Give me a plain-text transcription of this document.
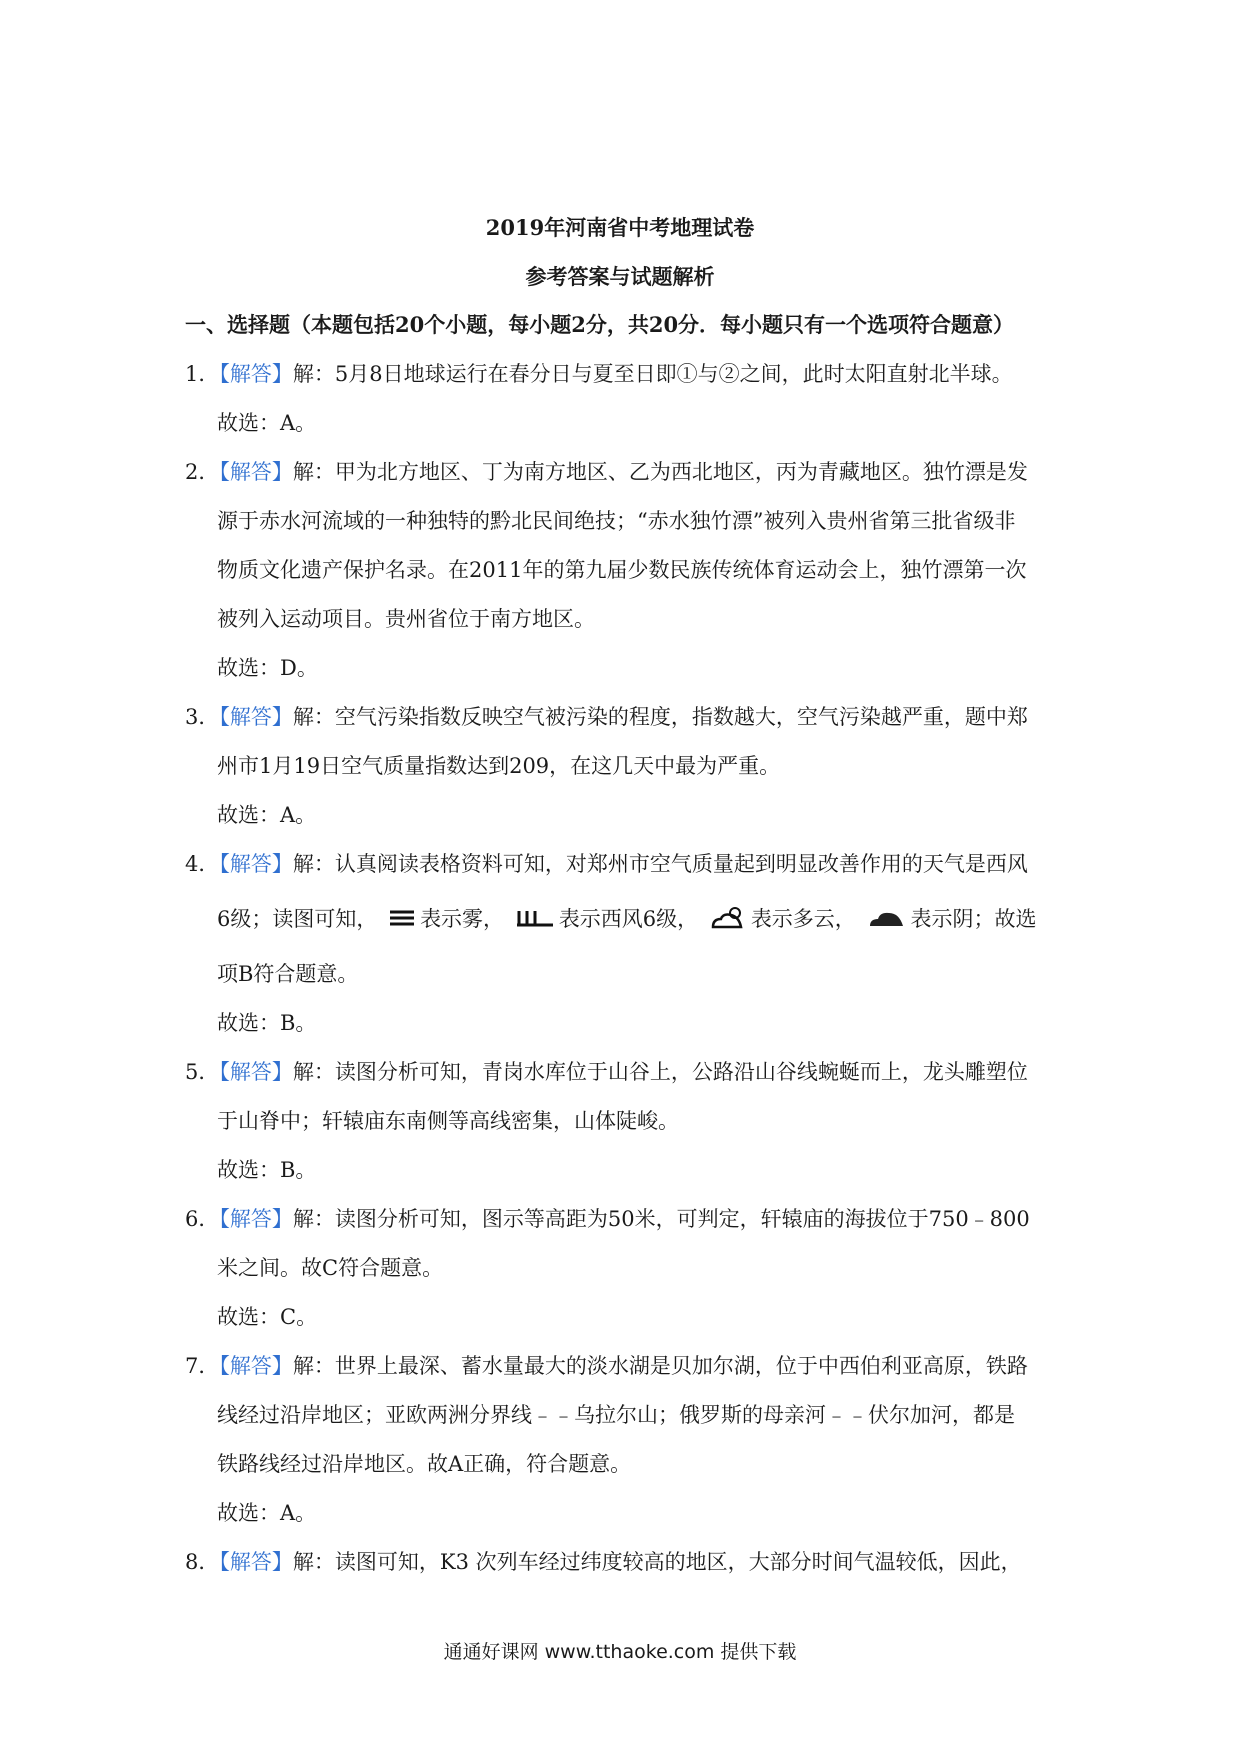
2019年河南省中考地理试卷
参考答案与试题解析
一、选择题（本题包括20个小题，每小题2分，共20分．每小题只有一个选项符合题意）
1．【解答】解：5月8日地球运行在春分日与夏至日即①与②之间，此时太阳直射北半球。
故选：A。
2．【解答】解：甲为北方地区、丁为南方地区、乙为西北地区，丙为青藏地区。独竹漂是发
源于赤水河流域的一种独特的黔北民间绝技；“赤水独竹漂”被列入贵州省第三批省级非
物质文化遗产保护名录。在2011年的第九届少数民族传统体育运动会上，独竹漂第一次
被列入运动项目。贵州省位于南方地区。
故选：D。
3．【解答】解：空气污染指数反映空气被污染的程度，指数越大，空气污染越严重，题中郑
州市1月19日空气质量指数达到209，在这几天中最为严重。
故选：A。
4．【解答】解：认真阅读表格资料可知，对郑州市空气质量起到明显改善作用的天气是西风
6级；读图可知， 表示雾，	表示西风6级，	表示多云，	表示阴；故选
项B符合题意。
故选：B。
5．【解答】解：读图分析可知，青岗水库位于山谷上，公路沿山谷线蜿蜒而上，龙头雕塑位
于山脊中；轩辕庙东南侧等高线密集，山体陡峻。
故选：B。
6．【解答】解：读图分析可知，图示等高距为50米，可判定，轩辕庙的海拔位于750﹣800
米之间。故C符合题意。
故选：C。
7．【解答】解：世界上最深、蓄水量最大的淡水湖是贝加尔湖，位于中西伯利亚高原，铁路
线经过沿岸地区；亚欧两洲分界线﹣﹣乌拉尔山；俄罗斯的母亲河﹣﹣伏尔加河，都是
铁路线经过沿岸地区。故A正确，符合题意。
故选：A。
8．【解答】解：读图可知，K3 次列车经过纬度较高的地区，大部分时间气温较低，因此，
通通好课网 www.tthaoke.com 提供下载
